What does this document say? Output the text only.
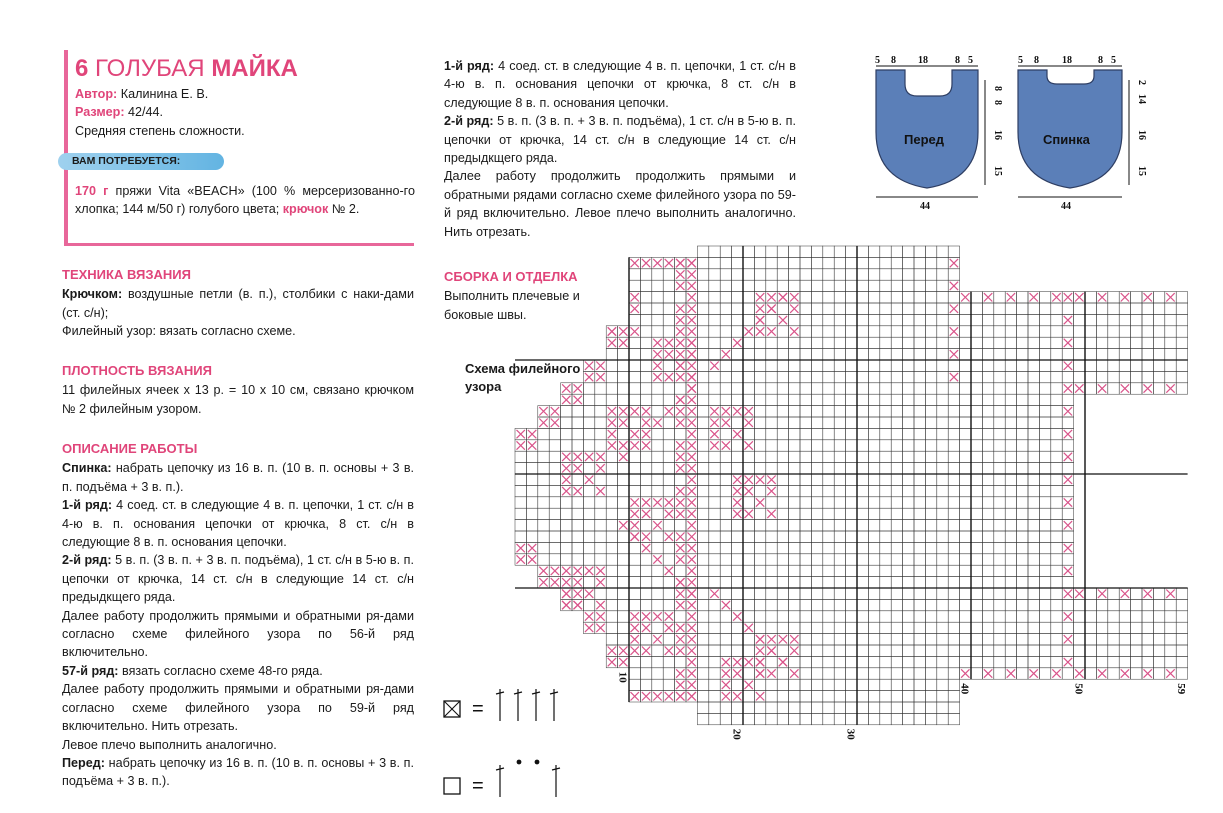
6 ГОЛУБАЯ МАЙКА

Автор: Калинина Е. В.

Размер: 42/44.

Средняя степень сложности.

ВАМ ПОТРЕБУЕТСЯ:

170 г пряжи Vita «BEACH» (100 % мерсеризованно-го хлопка; 144 м/50 г) голубого цвета; крючок № 2.

ТЕХНИКА ВЯЗАНИЯ

Крючком: воздушные петли (в. п.), столбики с наки-дами (ст. с/н);

Филейный узор: вязать согласно схеме.

ПЛОТНОСТЬ ВЯЗАНИЯ

11 филейных ячеек х 13 р. = 10 х 10 см, связано крючком № 2 филейным узором.

ОПИСАНИЕ РАБОТЫ

Спинка: набрать цепочку из 16 в. п. (10 в. п. основы + 3 в. п. подъёма + 3 в. п.).

1-й ряд: 4 соед. ст. в следующие 4 в. п. цепочки, 1 ст. с/н в 4-ю в. п. основания цепочки от крючка, 8 ст. с/н в следующие 8 в. п. основания цепочки.

2-й ряд: 5 в. п. (3 в. п. + 3 в. п. подъёма), 1 ст. с/н в 5-ю в. п. цепочки от крючка, 14 ст. с/н в следующие 14 ст. с/н предыдкщего ряда.

Далее работу продолжить прямыми и обратными ря-дами согласно схеме филейного узора по 56-й ряд включительно.

57-й ряд: вязать согласно схеме 48-го ряда.

Далее работу продолжить прямыми и обратными ря-дами согласно схеме филейного узора по 59-й ряд включительно. Нить отрезать.

Левое плечо выполнить аналогично.

Перед: набрать цепочку из 16 в. п. (10 в. п. основы + 3 в. п. подъёма + 3 в. п.).

1-й ряд: 4 соед. ст. в следующие 4 в. п. цепочки, 1 ст. с/н в 4-ю в. п. основания цепочки от крючка, 8 ст. с/н в следующие 8 в. п. основания цепочки.

2-й ряд: 5 в. п. (3 в. п. + 3 в. п. подъёма), 1 ст. с/н в 5-ю в. п. цепочки от крючка, 14 ст. с/н в следующие 14 ст. с/н предыдкщего ряда.

Далее работу продолжить продолжить прямыми и обратными рядами согласно схеме филейного узора по 59-й ряд включительно. Левое плечо выполнить аналогично. Нить отрезать.

СБОРКА И ОТДЕЛКА

Выполнить плечевые и боковые швы.

Схема филейного узора
=
=
5 8 18	8 5
Перед
8
8
16
15
44
5 8 18	8 5
Спинка
2
14
16
15
44
10
20	30
40	50	59
